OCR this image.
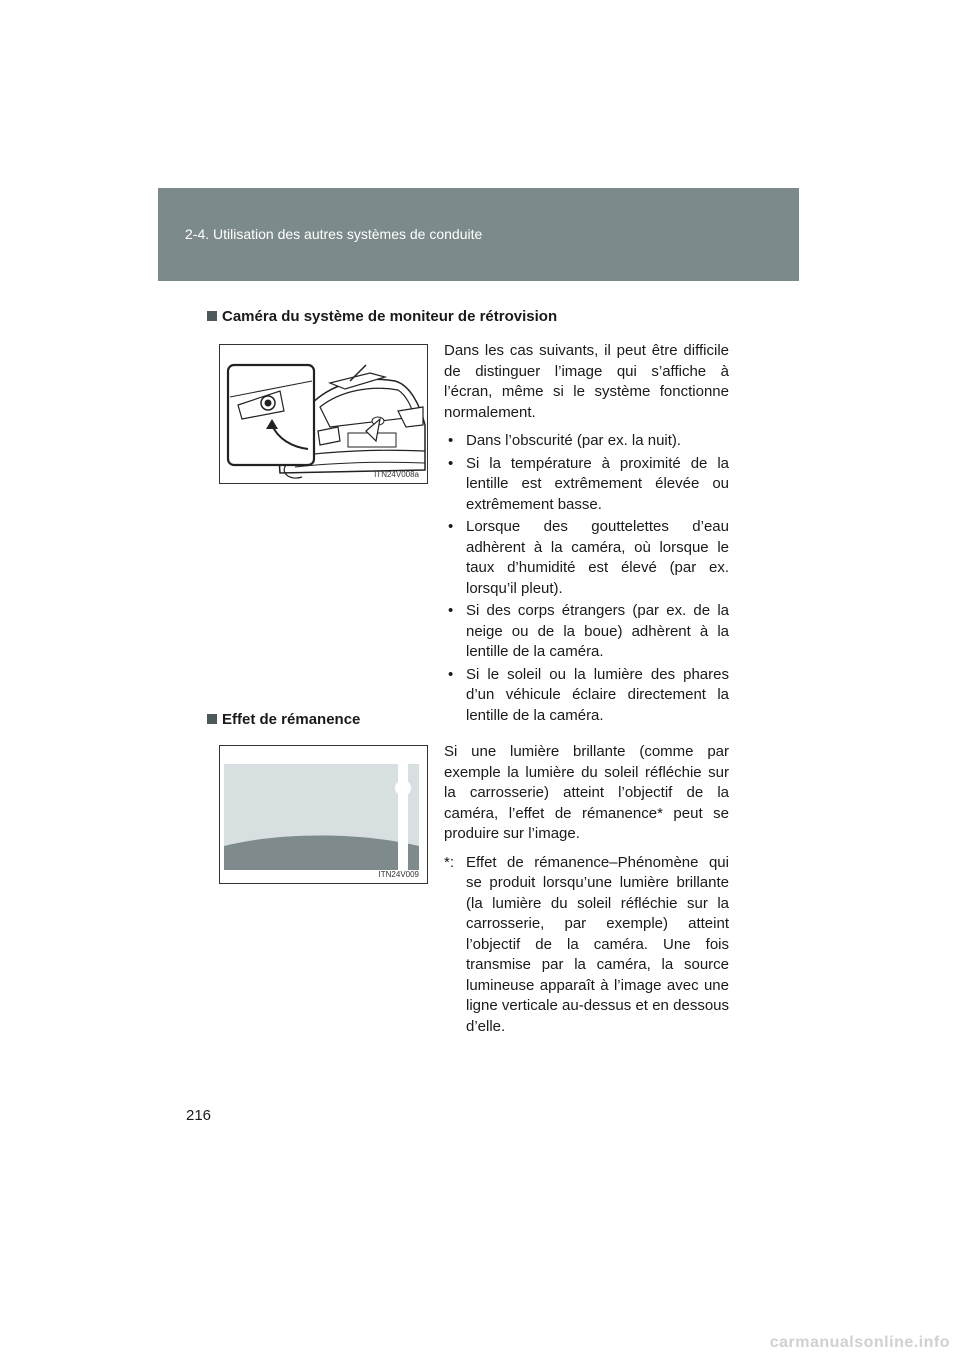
2-4. Utilisation des autres systèmes de conduite
Caméra du système de moniteur de rétrovision
ITN24V008a

Dans les cas suivants, il peut être difficile de distinguer l’image qui s’affiche à l’écran, même si le système fonctionne normalement.

• Dans l’obscurité (par ex. la nuit).
• Si la température à proximité de la lentille est extrêmement élevée ou extrêmement basse.
• Lorsque des gouttelettes d’eau adhèrent à la caméra, où lorsque le taux d’humidité est élevé (par ex. lorsqu’il pleut).
• Si des corps étrangers (par ex. de la neige ou de la boue) adhèrent à la lentille de la caméra.
• Si le soleil ou la lumière des phares d’un véhicule éclaire directement la lentille de la caméra.
Effet de rémanence
ITN24V009

Si une lumière brillante (comme par exemple la lumière du soleil réfléchie sur la carrosserie) atteint l’objectif de la caméra, l’effet de rémanence* peut se produire sur l’image.

*: Effet de rémanence–Phénomène qui se produit lorsqu’une lumière brillante (la lumière du soleil réfléchie sur la carrosserie, par exemple) atteint l’objectif de la caméra. Une fois transmise par la caméra, la source lumineuse apparaît à l’image avec une ligne verticale au-dessus et en dessous d’elle.
216
carmanualsonline.info
